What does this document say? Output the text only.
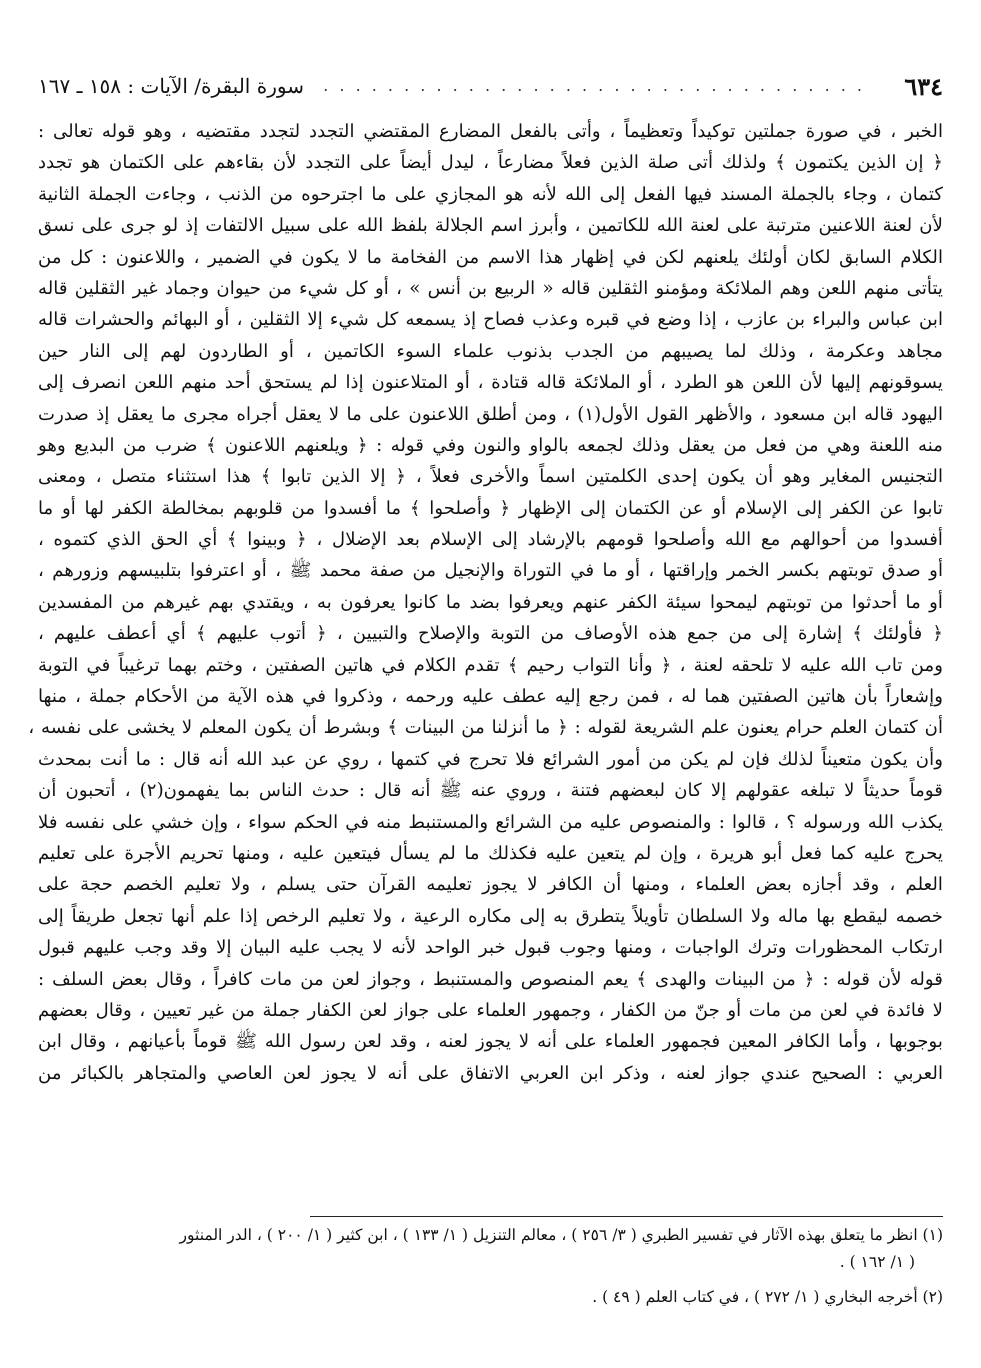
٦٣٤
. . . . . . . . . . . . . . . . . . . . . . . . . . . . . . . . . .
سورة البقرة/ الآيات : ١٥٨ ـ ١٦٧
الخبر ، في صورة جملتين توكيداً وتعظيماً ، وأتى بالفعل المضارع المقتضي التجدد لتجدد مقتضيه ، وهو قوله تعالى :
﴿ إن الذين يكتمون ﴾ ولذلك أتى صلة الذين فعلاً مضارعاً ، ليدل أيضاً على التجدد لأن بقاءهم على الكتمان هو تجدد
كتمان ، وجاء بالجملة المسند فيها الفعل إلى الله لأنه هو المجازي على ما اجترحوه من الذنب ، وجاءت الجملة الثانية
لأن لعنة اللاعنين مترتبة على لعنة الله للكاتمين ، وأبرز اسم الجلالة بلفظ الله على سبيل الالتفات إذ لو جرى على نسق
الكلام السابق لكان أولئك يلعنهم لكن في إظهار هذا الاسم من الفخامة ما لا يكون في الضمير ، واللاعنون : كل من
يتأتى منهم اللعن وهم الملائكة ومؤمنو الثقلين قاله « الربيع بن أنس » ، أو كل شيء من حيوان وجماد غير الثقلين قاله
ابن عباس والبراء بن عازب ، إذا وضع في قبره وعذب فصاح إذ يسمعه كل شيء إلا الثقلين ، أو البهائم والحشرات قاله
مجاهد وعكرمة ، وذلك لما يصيبهم من الجدب بذنوب علماء السوء الكاتمين ، أو الطاردون لهم إلى النار حين
يسوقونهم إليها لأن اللعن هو الطرد ، أو الملائكة قاله قتادة ، أو المتلاعنون إذا لم يستحق أحد منهم اللعن انصرف إلى
اليهود قاله ابن مسعود ، والأظهر القول الأول(١) ، ومن أطلق اللاعنون على ما لا يعقل أجراه مجرى ما يعقل إذ صدرت
منه اللعنة وهي من فعل من يعقل وذلك لجمعه بالواو والنون وفي قوله : ﴿ ويلعنهم اللاعنون ﴾ ضرب من البديع وهو
التجنيس المغاير وهو أن يكون إحدى الكلمتين اسماً والأخرى فعلاً ، ﴿ إلا الذين تابوا ﴾ هذا استثناء متصل ، ومعنى
تابوا عن الكفر إلى الإسلام أو عن الكتمان إلى الإظهار ﴿ وأصلحوا ﴾ ما أفسدوا من قلوبهم بمخالطة الكفر لها أو ما
أفسدوا من أحوالهم مع الله وأصلحوا قومهم بالإرشاد إلى الإسلام بعد الإضلال ، ﴿ وبينوا ﴾ أي الحق الذي كتموه ،
أو صدق توبتهم بكسر الخمر وإراقتها ، أو ما في التوراة والإنجيل من صفة محمد ﷺ ، أو اعترفوا بتلبيسهم وزورهم ،
أو ما أحدثوا من توبتهم ليمحوا سيئة الكفر عنهم ويعرفوا بضد ما كانوا يعرفون به ، ويقتدي بهم غيرهم من المفسدين
﴿ فأولئك ﴾ إشارة إلى من جمع هذه الأوصاف من التوبة والإصلاح والتبيين ، ﴿ أتوب عليهم ﴾ أي أعطف عليهم ،
ومن تاب الله عليه لا تلحقه لعنة ، ﴿ وأنا التواب رحيم ﴾ تقدم الكلام في هاتين الصفتين ، وختم بهما ترغيباً في التوبة
وإشعاراً بأن هاتين الصفتين هما له ، فمن رجع إليه عطف عليه ورحمه ، وذكروا في هذه الآية من الأحكام جملة ، منها
أن كتمان العلم حرام يعنون علم الشريعة لقوله : ﴿ ما أنزلنا من البينات ﴾ وبشرط أن يكون المعلم لا يخشى على نفسه ،
وأن يكون متعيناً لذلك فإن لم يكن من أمور الشرائع فلا تحرج في كتمها ، روي عن عبد الله أنه قال : ما أنت بمحدث
قوماً حديثاً لا تبلغه عقولهم إلا كان لبعضهم فتنة ، وروي عنه ﷺ أنه قال : حدث الناس بما يفهمون(٢) ، أتحبون أن
يكذب الله ورسوله ؟ ، قالوا : والمنصوص عليه من الشرائع والمستنبط منه في الحكم سواء ، وإن خشي على نفسه فلا
يحرج عليه كما فعل أبو هريرة ، وإن لم يتعين عليه فكذلك ما لم يسأل فيتعين عليه ، ومنها تحريم الأجرة على تعليم
العلم ، وقد أجازه بعض العلماء ، ومنها أن الكافر لا يجوز تعليمه القرآن حتى يسلم ، ولا تعليم الخصم حجة على
خصمه ليقطع بها ماله ولا السلطان تأويلاً يتطرق به إلى مكاره الرعية ، ولا تعليم الرخص إذا علم أنها تجعل طريقاً إلى
ارتكاب المحظورات وترك الواجبات ، ومنها وجوب قبول خبر الواحد لأنه لا يجب عليه البيان إلا وقد وجب عليهم قبول
قوله لأن قوله : ﴿ من البينات والهدى ﴾ يعم المنصوص والمستنبط ، وجواز لعن من مات كافراً ، وقال بعض السلف :
لا فائدة في لعن من مات أو جنّ من الكفار ، وجمهور العلماء على جواز لعن الكفار جملة من غير تعيين ، وقال بعضهم
بوجوبها ، وأما الكافر المعين فجمهور العلماء على أنه لا يجوز لعنه ، وقد لعن رسول الله ﷺ قوماً بأعيانهم ، وقال ابن
العربي : الصحيح عندي جواز لعنه ، وذكر ابن العربي الاتفاق على أنه لا يجوز لعن العاصي والمتجاهر بالكبائر من
(١) انظر ما يتعلق بهذه الآثار في تفسير الطبري ( ٣/ ٢٥٦ ) ، معالم التنزيل ( ١/ ١٣٣ ) ، ابن كثير ( ١/ ٢٠٠ ) ، الدر المنثور
( ١/ ١٦٢ ) .
(٢) أخرجه البخاري ( ١/ ٢٧٢ ) ، في كتاب العلم ( ٤٩ ) .
